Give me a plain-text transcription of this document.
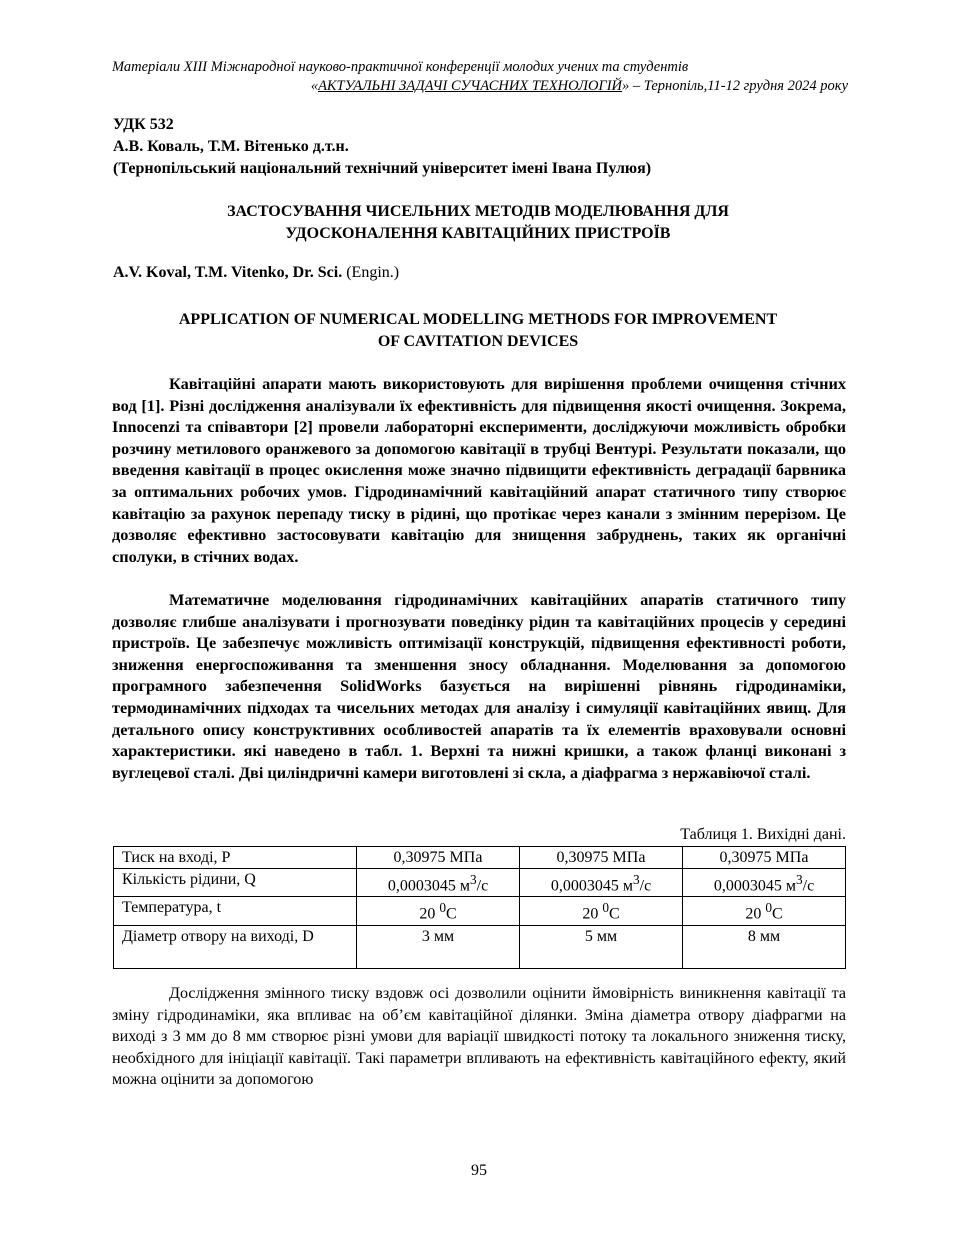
Матеріали XIII Міжнародної науково-практичної конференції молодих учених та студентів
«АКТУАЛЬНІ ЗАДАЧІ СУЧАСНИХ ТЕХНОЛОГІЙ» – Тернопіль,11-12 грудня 2024 року
УДК 532
А.В. Коваль, Т.М. Вітенько д.т.н.
(Тернопільський національний технічний університет імені Івана Пулюя)
ЗАСТОСУВАННЯ ЧИСЕЛЬНИХ МЕТОДІВ МОДЕЛЮВАННЯ ДЛЯ
УДОСКОНАЛЕННЯ КАВІТАЦІЙНИХ ПРИСТРОЇВ
A.V. Koval, T.M. Vitenko, Dr. Sci. (Engin.)
APPLICATION OF NUMERICAL MODELLING METHODS FOR IMPROVEMENT
OF CAVITATION DEVICES

Кавітаційні апарати мають використовують для вирішення проблеми очищення стічних вод [1]. Різні дослідження аналізували їх ефективність для підвищення якості очищення. Зокрема, Innocenzi та співавтори [2] провели лабораторні експерименти, досліджуючи можливість обробки розчину метилового оранжевого за допомогою кавітації в трубці Вентурі. Результати показали, що введення кавітації в процес окислення може значно підвищити ефективність деградації барвника за оптимальних робочих умов. Гідродинамічний кавітаційний апарат статичного типу створює кавітацію за рахунок перепаду тиску в рідині, що протікає через канали з змінним перерізом. Це дозволяє ефективно застосовувати кавітацію для знищення забруднень, таких як органічні сполуки, в стічних водах.

Математичне моделювання гідродинамічних кавітаційних апаратів статичного типу дозволяє глибше аналізувати і прогнозувати поведінку рідин та кавітаційних процесів у середині пристроїв. Це забезпечує можливість оптимізації конструкцій, підвищення ефективності роботи, зниження енергоспоживання та зменшення зносу обладнання. Моделювання за допомогою програмного забезпечення SolidWorks базується на вирішенні рівнянь гідродинаміки, термодинамічних підходах та чисельних методах для аналізу і симуляції кавітаційних явищ. Для детального опису конструктивних особливостей апаратів та їх елементів враховували основні характеристики. які наведено в табл. 1. Верхні та нижні кришки, а також фланці виконані з вуглецевої сталі. Дві циліндричні камери виготовлені зі скла, а діафрагма з нержавіючої сталі.

Таблиця 1. Вихідні дані.
Тиск на вході, P	0,30975 МПа	0,30975 МПа	0,30975 МПа
Кількість рідини, Q	0,0003045 $м^3/с$	0,0003045 $м^3/с$	0,0003045 $м^3/с$
Температура, t	20 $^0$С	20 $^0$С	20 $^0$С
Діаметр отвору на виході, D	3 мм	5 мм	8 мм

Дослідження змінного тиску вздовж осі дозволили оцінити ймовірність виникнення кавітації та зміну гідродинаміки, яка впливає на об’єм кавітаційної ділянки. Зміна діаметра отвору діафрагми на виході з 3 мм до 8 мм створює різні умови для варіації швидкості потоку та локального зниження тиску, необхідного для ініціації кавітації. Такі параметри впливають на ефективність кавітаційного ефекту, який можна оцінити за допомогою

95
